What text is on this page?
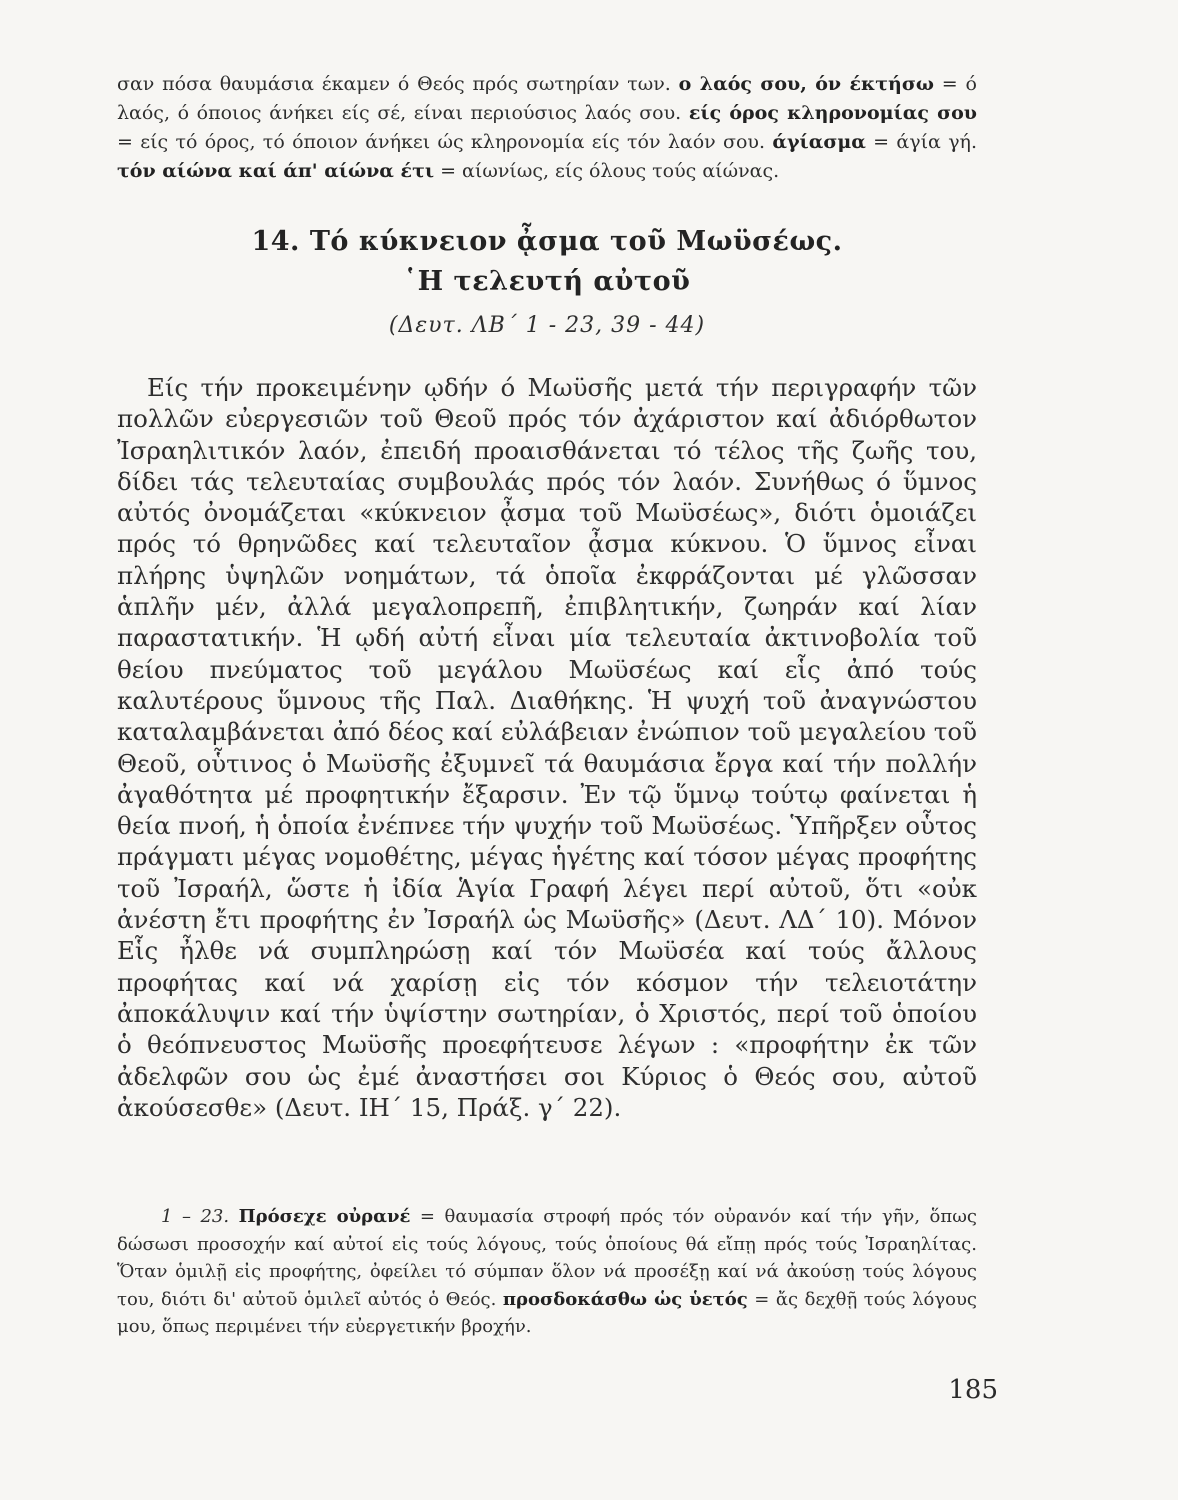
σαν πόσα θαυμάσια έκαμεν ό Θεός πρός σωτηρίαν των. ο λαός σου, όν έκτήσω = ό λαός, ό όποιος άνήκει είς σέ, είναι περιούσιος λαός σου. είς όρος κληρονομίας σου = είς τό όρος, τό όποιον άνήκει ώς κληρονομία είς τόν λαόν σου. άγίασμα = άγία γή. τόν αίώνα καί άπ' αίώνα έτι = αίωνίως, είς όλους τούς αίώνας.
14. Τό κύκνειον ᾆσμα τοῦ Μωϋσέως.
῾Η τελευτή αὐτοῦ
(Δευτ. ΛΒ΄ 1 - 23, 39 - 44)
Είς τήν προκειμένην ῳδήν ό Μωϋσῆς μετά τήν περιγραφήν τῶν πολλῶν εὐεργεσιῶν τοῦ Θεοῦ πρός τόν ἀχάριστον καί ἀδιόρθωτον Ἰσραηλιτικόν λαόν, ἐπειδή προαισθάνεται τό τέλος τῆς ζωῆς του, δίδει τάς τελευταίας συμβουλάς πρός τόν λαόν. Συνήθως ό ὕμνος αὐτός ὀνομάζεται «κύκνειον ᾆσμα τοῦ Μωϋσέως», διότι ὁμοιάζει πρός τό θρηνῶδες καί τελευταῖον ᾆσμα κύκνου. Ὁ ὕμνος εἶναι πλήρης ὑψηλῶν νοημάτων, τά ὁποῖα ἐκφράζονται μέ γλῶσσαν ἁπλῆν μέν, ἀλλά μεγαλοπρεπῆ, ἐπιβλητικήν, ζωηράν καί λίαν παραστατικήν. Ἡ ῳδή αὐτή εἶναι μία τελευταία ἀκτινοβολία τοῦ θείου πνεύματος τοῦ μεγάλου Μωϋσέως καί εἷς ἀπό τούς καλυτέρους ὕμνους τῆς Παλ. Διαθήκης. Ἡ ψυχή τοῦ ἀναγνώστου καταλαμβάνεται ἀπό δέος καί εὐλάβειαν ἐνώπιον τοῦ μεγαλείου τοῦ Θεοῦ, οὗτινος ὁ Μωϋσῆς ἐξυμνεῖ τά θαυμάσια ἔργα καί τήν πολλήν ἀγαθότητα μέ προφητικήν ἔξαρσιν. Ἐν τῷ ὕμνῳ τούτῳ φαίνεται ἡ θεία πνοή, ἡ ὁποία ἐνέπνεε τήν ψυχήν τοῦ Μωϋσέως. Ὑπῆρξεν οὗτος πράγματι μέγας νομοθέτης, μέγας ἡγέτης καί τόσον μέγας προφήτης τοῦ Ἰσραήλ, ὥστε ἡ ἰδία Ἁγία Γραφή λέγει περί αὐτοῦ, ὅτι «οὐκ ἀνέστη ἔτι προφήτης ἐν Ἰσραήλ ὡς Μωϋσῆς» (Δευτ. ΛΔ΄ 10). Μόνον Εἷς ἦλθε νά συμπληρώσῃ καί τόν Μωϋσέα καί τούς ἄλλους προφήτας καί νά χαρίσῃ εἰς τόν κόσμον τήν τελειοτάτην ἀποκάλυψιν καί τήν ὑψίστην σωτηρίαν, ὁ Χριστός, περί τοῦ ὁποίου ὁ θεόπνευστος Μωϋσῆς προεφήτευσε λέγων : «προφήτην ἐκ τῶν ἀδελφῶν σου ὡς ἐμέ ἀναστήσει σοι Κύριος ὁ Θεός σου, αὐτοῦ ἀκούσεσθε» (Δευτ. ΙΗ΄ 15, Πράξ. γ΄ 22).
1 – 23. Πρόσεχε οὐρανέ = θαυμασία στροφή πρός τόν οὐρανόν καί τήν γῆν, ὅπως δώσωσι προσοχήν καί αὐτοί εἰς τούς λόγους, τούς ὁποίους θά εἴπῃ πρός τούς Ἰσραηλίτας. Ὅταν ὁμιλῇ εἰς προφήτης, ὀφείλει τό σύμπαν ὅλον νά προσέξῃ καί νά ἀκούσῃ τούς λόγους του, διότι δι' αὐτοῦ ὁμιλεῖ αὐτός ὁ Θεός. προσδοκάσθω ὡς ὑετός = ἄς δεχθῇ τούς λόγους μου, ὅπως περιμένει τήν εὐεργετικήν βροχήν.
185
